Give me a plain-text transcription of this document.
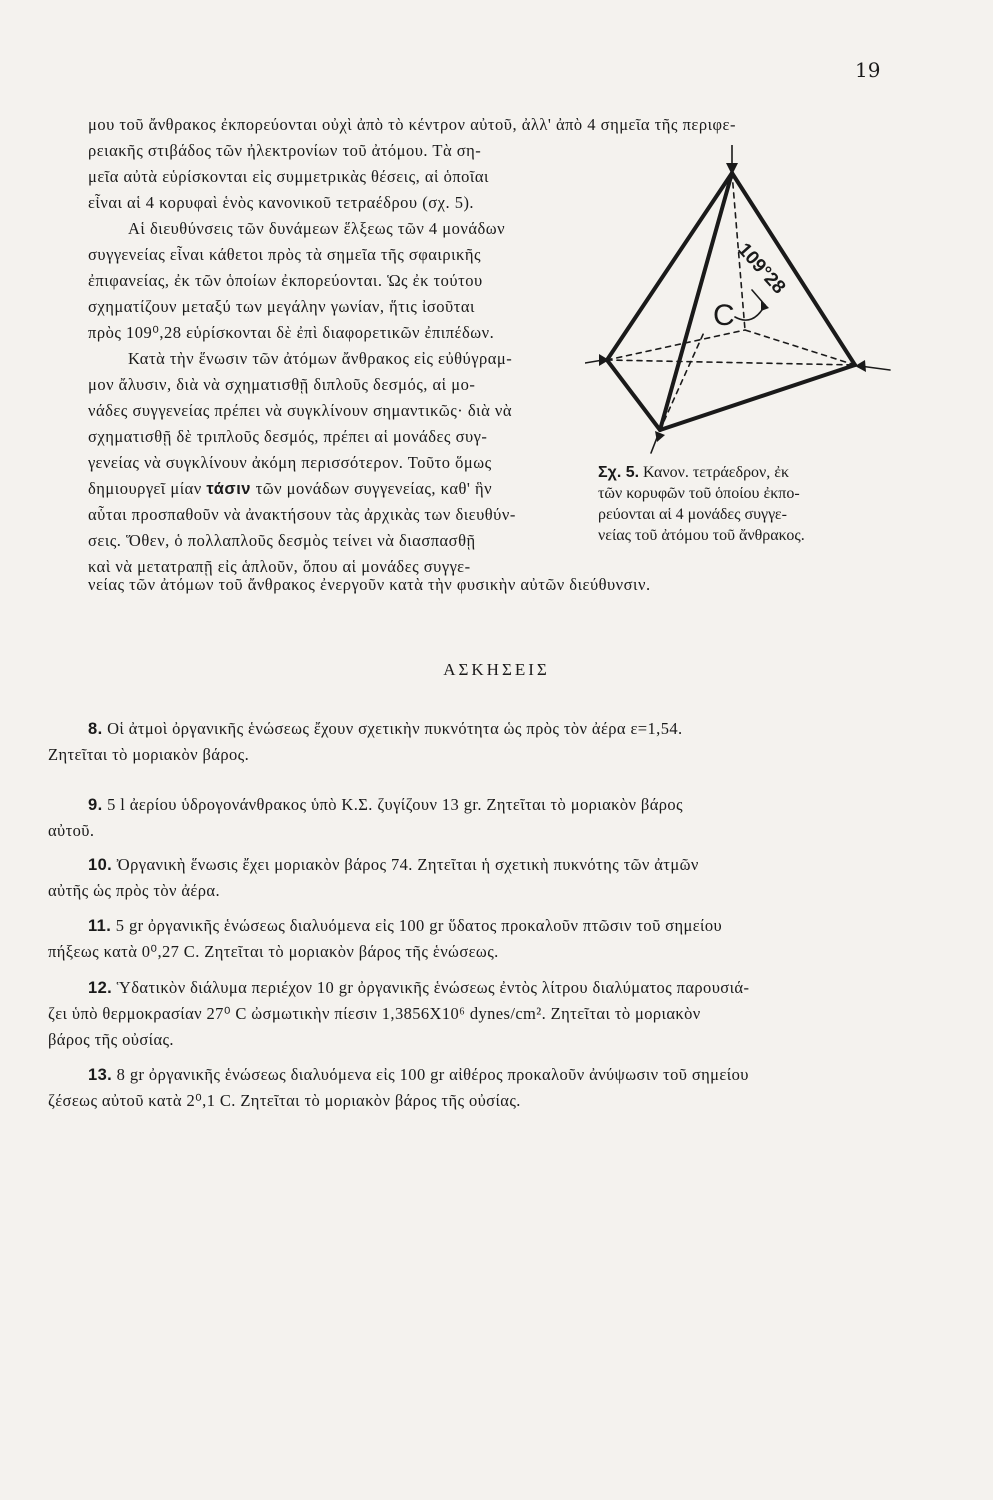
19
μου τοῦ ἄνθρακος ἐκπορεύονται οὐχὶ ἀπὸ τὸ κέντρον αὐτοῦ, ἀλλ' ἀπὸ 4 σημεῖα τῆς περιφε-
ρειακῆς στιβάδος τῶν ἠλεκτρονίων τοῦ ἀτόμου. Τὰ ση-
μεῖα αὐτὰ εὑρίσκονται εἰς συμμετρικὰς θέσεις, αἱ ὁποῖαι
εἶναι αἱ 4 κορυφαὶ ἑνὸς κανονικοῦ τετραέδρου (σχ. 5).
Αἱ διευθύνσεις τῶν δυνάμεων ἕλξεως τῶν 4 μονάδων
συγγενείας εἶναι κάθετοι πρὸς τὰ σημεῖα τῆς σφαιρικῆς
ἐπιφανείας, ἐκ τῶν ὁποίων ἐκπορεύονται. Ὡς ἐκ τούτου
σχηματίζουν μεταξύ των μεγάλην γωνίαν, ἥτις ἰσοῦται
πρὸς 109⁰,28 εὑρίσκονται δὲ ἐπὶ διαφορετικῶν ἐπιπέδων.
Κατὰ τὴν ἕνωσιν τῶν ἀτόμων ἄνθρακος εἰς εὐθύγραμ-
μον ἄλυσιν, διὰ νὰ σχηματισθῇ διπλοῦς δεσμός, αἱ μο-
νάδες συγγενείας πρέπει νὰ συγκλίνουν σημαντικῶς· διὰ νὰ
σχηματισθῇ δὲ τριπλοῦς δεσμός, πρέπει αἱ μονάδες συγ-
γενείας νὰ συγκλίνουν ἀκόμη περισσότερον. Τοῦτο ὅμως
δημιουργεῖ μίαν τάσιν τῶν μονάδων συγγενείας, καθ' ἣν
αὗται προσπαθοῦν νὰ ἀνακτήσουν τὰς ἀρχικὰς των διευθύν-
σεις. Ὅθεν, ὁ πολλαπλοῦς δεσμὸς τείνει νὰ διασπασθῇ
καὶ νὰ μετατραπῇ εἰς ἁπλοῦν, ὅπου αἱ μονάδες συγγε-
νείας τῶν ἀτόμων τοῦ ἄνθρακος ἐνεργοῦν κατὰ τὴν φυσικὴν αὐτῶν διεύθυνσιν.
C
109°28
Σχ. 5. Κανον. τετράεδρον, ἐκ
τῶν κορυφῶν τοῦ ὁποίου ἐκπο-
ρεύονται αἱ 4 μονάδες συγγε-
νείας τοῦ ἀτόμου τοῦ ἄνθρακος.
ΑΣΚΗΣΕΙΣ
8. Οἱ ἀτμοὶ ὀργανικῆς ἑνώσεως ἔχουν σχετικὴν πυκνότητα ὡς πρὸς τὸν ἀέρα ε=1,54.
Ζητεῖται τὸ μοριακὸν βάρος.
9. 5 l ἀερίου ὑδρογονάνθρακος ὑπὸ Κ.Σ. ζυγίζουν 13 gr. Ζητεῖται τὸ μοριακὸν βάρος
αὐτοῦ.
10. Ὀργανικὴ ἕνωσις ἔχει μοριακὸν βάρος 74. Ζητεῖται ἡ σχετικὴ πυκνότης τῶν ἀτμῶν
αὐτῆς ὡς πρὸς τὸν ἀέρα.
11. 5 gr ὀργανικῆς ἑνώσεως διαλυόμενα εἰς 100 gr ὕδατος προκαλοῦν πτῶσιν τοῦ σημείου
πήξεως κατὰ 0⁰,27 C. Ζητεῖται τὸ μοριακὸν βάρος τῆς ἑνώσεως.
12. Ὑδατικὸν διάλυμα περιέχον 10 gr ὀργανικῆς ἑνώσεως ἐντὸς λίτρου διαλύματος παρουσιά-
ζει ὑπὸ θερμοκρασίαν 27⁰ C ὠσμωτικὴν πίεσιν 1,3856Χ10⁶ dynes/cm². Ζητεῖται τὸ μοριακὸν
βάρος τῆς οὐσίας.
13. 8 gr ὀργανικῆς ἑνώσεως διαλυόμενα εἰς 100 gr αἰθέρος προκαλοῦν ἀνύψωσιν τοῦ σημείου
ζέσεως αὐτοῦ κατὰ 2⁰,1 C. Ζητεῖται τὸ μοριακὸν βάρος τῆς οὐσίας.
